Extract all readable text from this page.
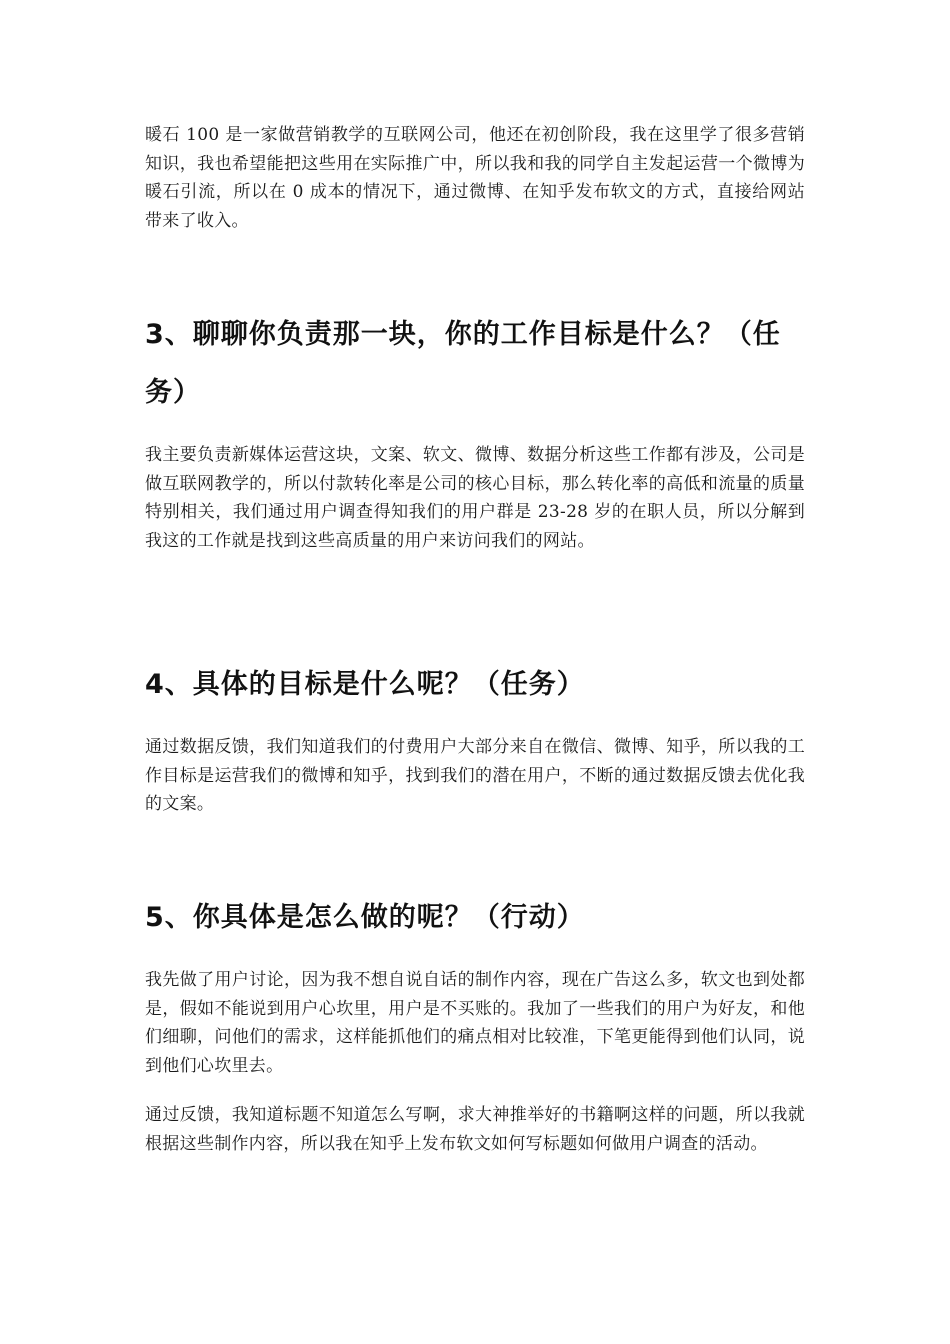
暖石 100 是一家做营销教学的互联网公司，他还在初创阶段，我在这里学了很多营销知识，我也希望能把这些用在实际推广中，所以我和我的同学自主发起运营一个微博为暖石引流，所以在 0 成本的情况下，通过微博、在知乎发布软文的方式，直接给网站带来了收入。

3、聊聊你负责那一块，你的工作目标是什么？（任务）

我主要负责新媒体运营这块，文案、软文、微博、数据分析这些工作都有涉及，公司是做互联网教学的，所以付款转化率是公司的核心目标，那么转化率的高低和流量的质量特别相关，我们通过用户调查得知我们的用户群是 23-28 岁的在职人员，所以分解到我这的工作就是找到这些高质量的用户来访问我们的网站。

4、具体的目标是什么呢？（任务）

通过数据反馈，我们知道我们的付费用户大部分来自在微信、微博、知乎，所以我的工作目标是运营我们的微博和知乎，找到我们的潜在用户，不断的通过数据反馈去优化我的文案。

5、你具体是怎么做的呢？（行动）

我先做了用户讨论，因为我不想自说自话的制作内容，现在广告这么多，软文也到处都是，假如不能说到用户心坎里，用户是不买账的。我加了一些我们的用户为好友，和他们细聊，问他们的需求，这样能抓他们的痛点相对比较准，下笔更能得到他们认同，说到他们心坎里去。

通过反馈，我知道标题不知道怎么写啊，求大神推举好的书籍啊这样的问题，所以我就根据这些制作内容，所以我在知乎上发布软文如何写标题如何做用户调查的活动。
